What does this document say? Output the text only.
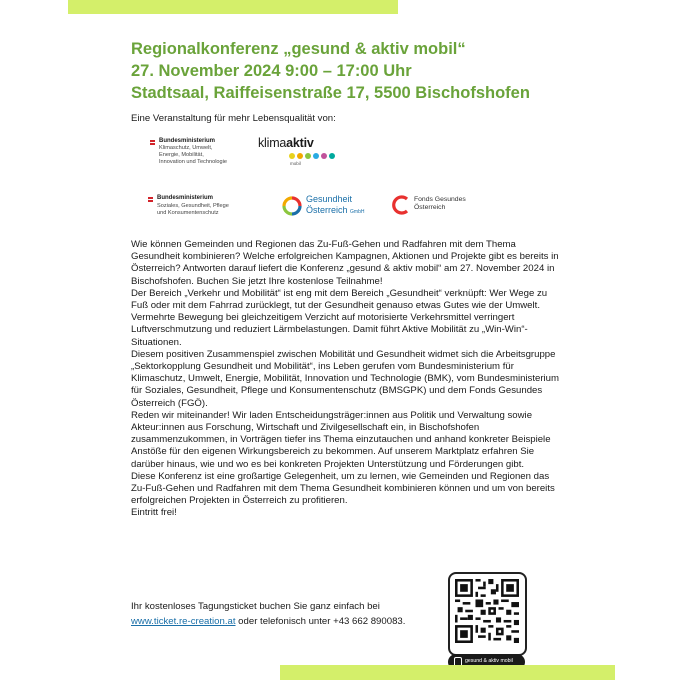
Regionalkonferenz „gesund & aktiv mobil“
27. November 2024 9:00 – 17:00 Uhr
Stadtsaal, Raiffeisenstraße 17, 5500 Bischofshofen
Eine Veranstaltung für mehr Lebensqualität von:
Bundesministerium
Klimaschutz, Umwelt,
Energie, Mobilität,
Innovation und Technologie
klimaaktiv
mobil
Bundesministerium
Soziales, Gesundheit, Pflege
und Konsumentenschutz
Gesundheit
Österreich GmbH
Fonds Gesundes
Österreich

Wie können Gemeinden und Regionen das Zu-Fuß-Gehen und Radfahren mit dem Thema Gesundheit kombinieren? Welche erfolgreichen Kampagnen, Aktionen und Projekte gibt es bereits in Österreich? Antworten darauf liefert die Konferenz „gesund & aktiv mobil“ am 27. November 2024 in Bischofshofen. Buchen Sie jetzt Ihre kostenlose Teilnahme!

Der Bereich „Verkehr und Mobilität“ ist eng mit dem Bereich „Gesundheit“ verknüpft: Wer Wege zu Fuß oder mit dem Fahrrad zurücklegt, tut der Gesundheit genauso etwas Gutes wie der Umwelt. Vermehrte Bewegung bei gleichzeitigem Verzicht auf motorisierte Verkehrsmittel verringert Luftverschmutzung und reduziert Lärmbelastungen. Damit führt Aktive Mobilität zu „Win-Win“-Situationen.

Diesem positiven Zusammenspiel zwischen Mobilität und Gesundheit widmet sich die Arbeitsgruppe „Sektorkopplung Gesundheit und Mobilität“, ins Leben gerufen vom Bundesministerium für Klimaschutz, Umwelt, Energie, Mobilität, Innovation und Technologie (BMK), vom Bundesministerium für Soziales, Gesundheit, Pflege und Konsumentenschutz (BMSGPK) und dem Fonds Gesundes Österreich (FGÖ).

Reden wir miteinander! Wir laden Entscheidungsträger:innen aus Politik und Verwaltung sowie Akteur:innen aus Forschung, Wirtschaft und Zivilgesellschaft ein, in Bischofshofen zusammenzukommen, in Vorträgen tiefer ins Thema einzutauchen und anhand konkreter Beispiele Anstöße für den eigenen Wirkungsbereich zu bekommen. Auf unserem Marktplatz erfahren Sie darüber hinaus, wie und wo es bei konkreten Projekten Unterstützung und Förderungen gibt.

Diese Konferenz ist eine großartige Gelegenheit, um zu lernen, wie Gemeinden und Regionen das Zu-Fuß-Gehen und Radfahren mit dem Thema Gesundheit kombinieren können und um von bereits erfolgreichen Projekten in Österreich zu profitieren.

Eintritt frei!

Ihr kostenloses Tagungsticket buchen Sie ganz einfach bei
www.ticket.re-creation.at oder telefonisch unter +43 662 890083.
gesund & aktiv mobil
